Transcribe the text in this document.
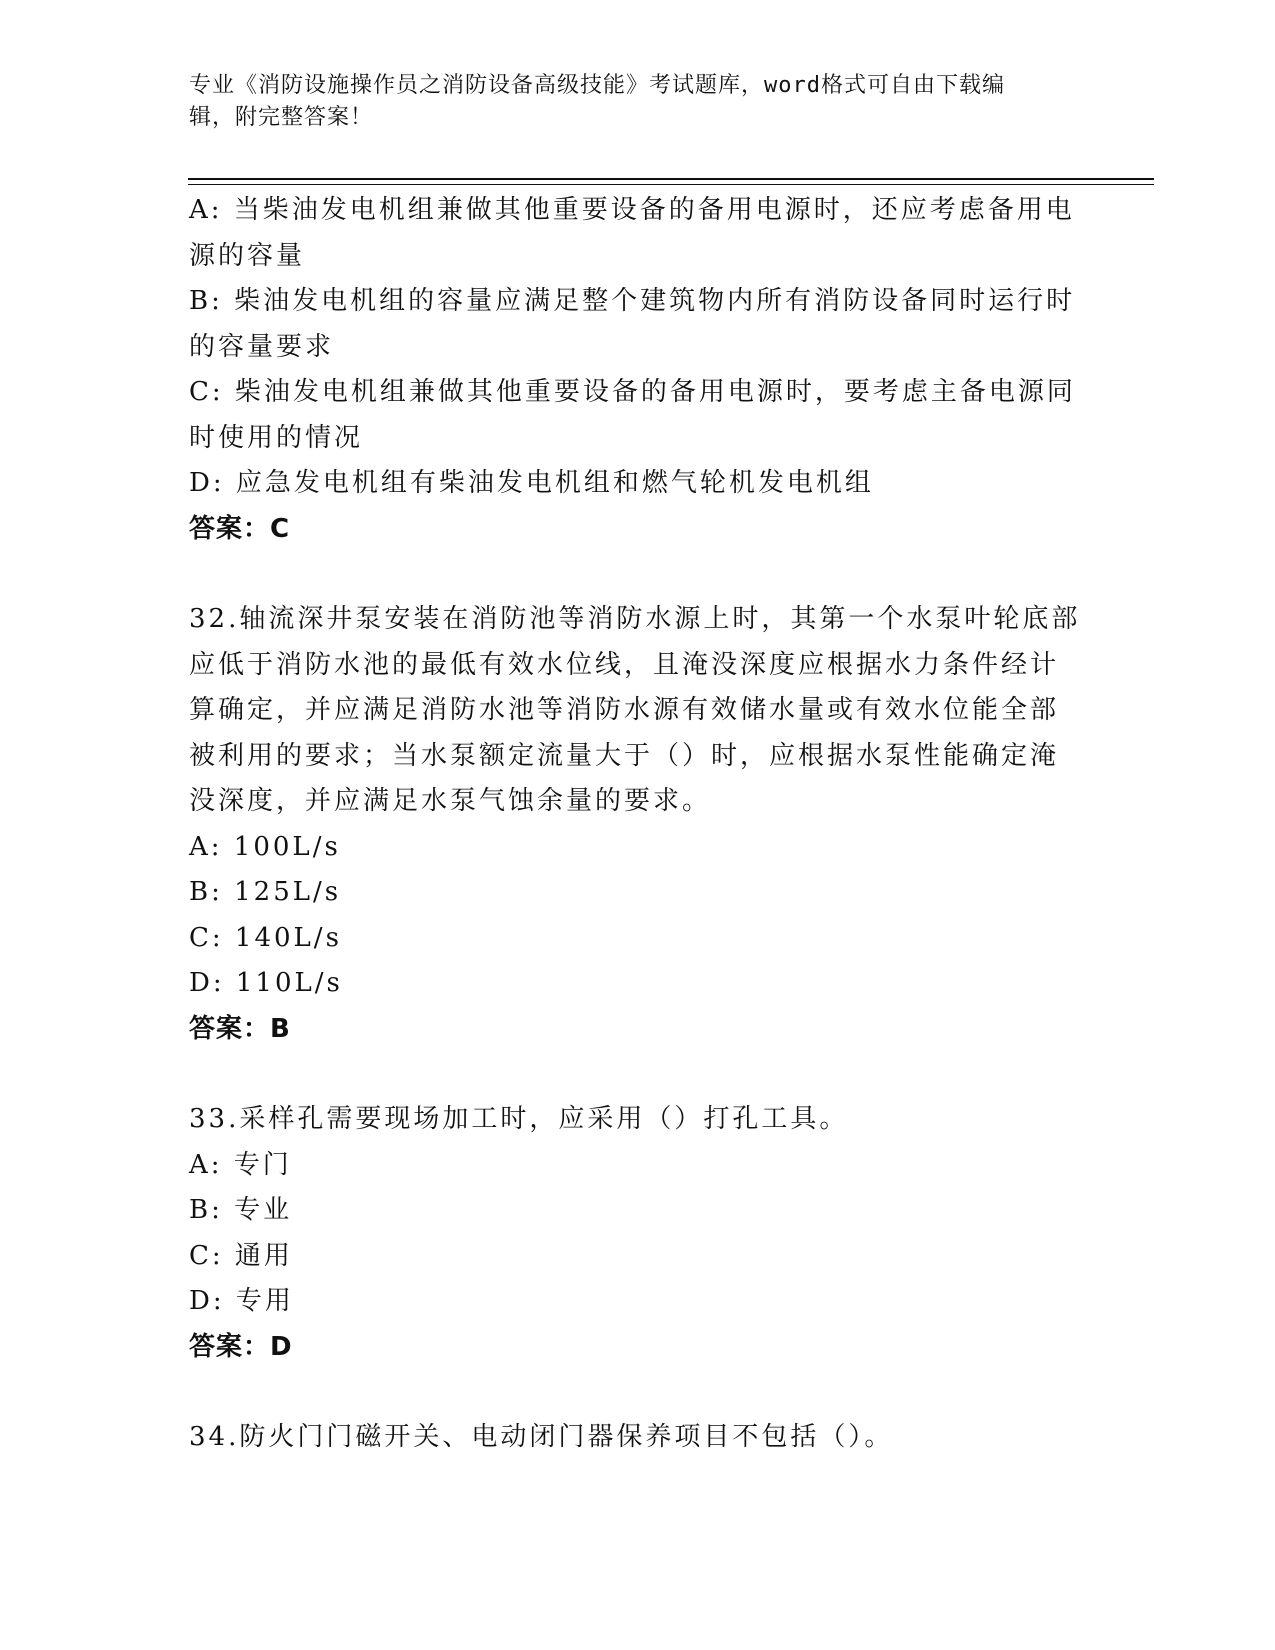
专业《消防设施操作员之消防设备高级技能》考试题库，word格式可自由下载编
辑，附完整答案！
A: 当柴油发电机组兼做其他重要设备的备用电源时，还应考虑备用电
源的容量
B: 柴油发电机组的容量应满足整个建筑物内所有消防设备同时运行时
的容量要求
C: 柴油发电机组兼做其他重要设备的备用电源时，要考虑主备电源同
时使用的情况
D: 应急发电机组有柴油发电机组和燃气轮机发电机组
答案：C
32.轴流深井泵安装在消防池等消防水源上时，其第一个水泵叶轮底部
应低于消防水池的最低有效水位线，且淹没深度应根据水力条件经计
算确定，并应满足消防水池等消防水源有效储水量或有效水位能全部
被利用的要求；当水泵额定流量大于（）时，应根据水泵性能确定淹
没深度，并应满足水泵气蚀余量的要求。
A: 100L/s
B: 125L/s
C: 140L/s
D: 110L/s
答案：B
33.采样孔需要现场加工时，应采用（）打孔工具。
A: 专门
B: 专业
C: 通用
D: 专用
答案：D
34.防火门门磁开关、电动闭门器保养项目不包括（）。
